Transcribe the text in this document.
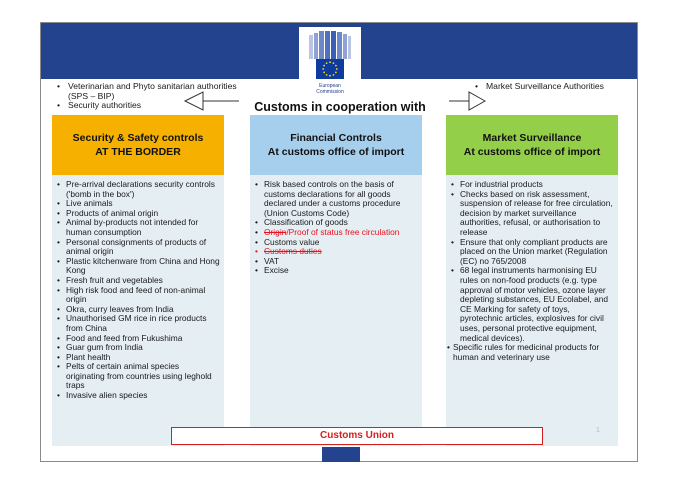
European
Commission
• Veterinarian and Phyto sanitarian authorities (SPS – BIP)
• Security authorities
• Market Surveillance Authorities
Customs in cooperation with
Security & Safety controls
AT THE BORDER
• Pre-arrival declarations security controls ('bomb in the box')
• Live animals
• Products of animal origin
• Animal by-products not intended for human consumption
• Personal consignments of products of animal origin
• Plastic kitchenware from China and Hong Kong
• Fresh fruit and vegetables
• High risk food and feed of non-animal origin
• Okra, curry leaves from India
• Unauthorised GM rice in rice products from China
• Food and feed from Fukushima
• Guar gum from India
• Plant health
• Pelts of certain animal species originating from countries using leghold traps
• Invasive alien species
Financial Controls
At customs office of import
• Risk based controls on the basis of customs declarations for all goods declared under a customs procedure (Union Customs Code)
• Classification of goods
• Origin/Proof of status free circulation
• Customs value
• Customs duties
• VAT
• Excise
Market Surveillance
At customs office of import
• For industrial products
• Checks based on risk assessment, suspension of release for free circulation, decision by market surveillance authorities, refusal, or authorisation to release
• Ensure that only compliant products are placed on the Union market (Regulation (EC) no 765/2008
• 68 legal instruments harmonising EU rules on non-food products (e.g. type approval of motor vehicles, ozone layer depleting substances, EU Ecolabel, and CE Marking for safety of toys, pyrotechnic articles, explosives for civil uses, personal protective equipment, medical devices).
• Specific rules for medicinal products for human and veterinary use
Customs Union	1
